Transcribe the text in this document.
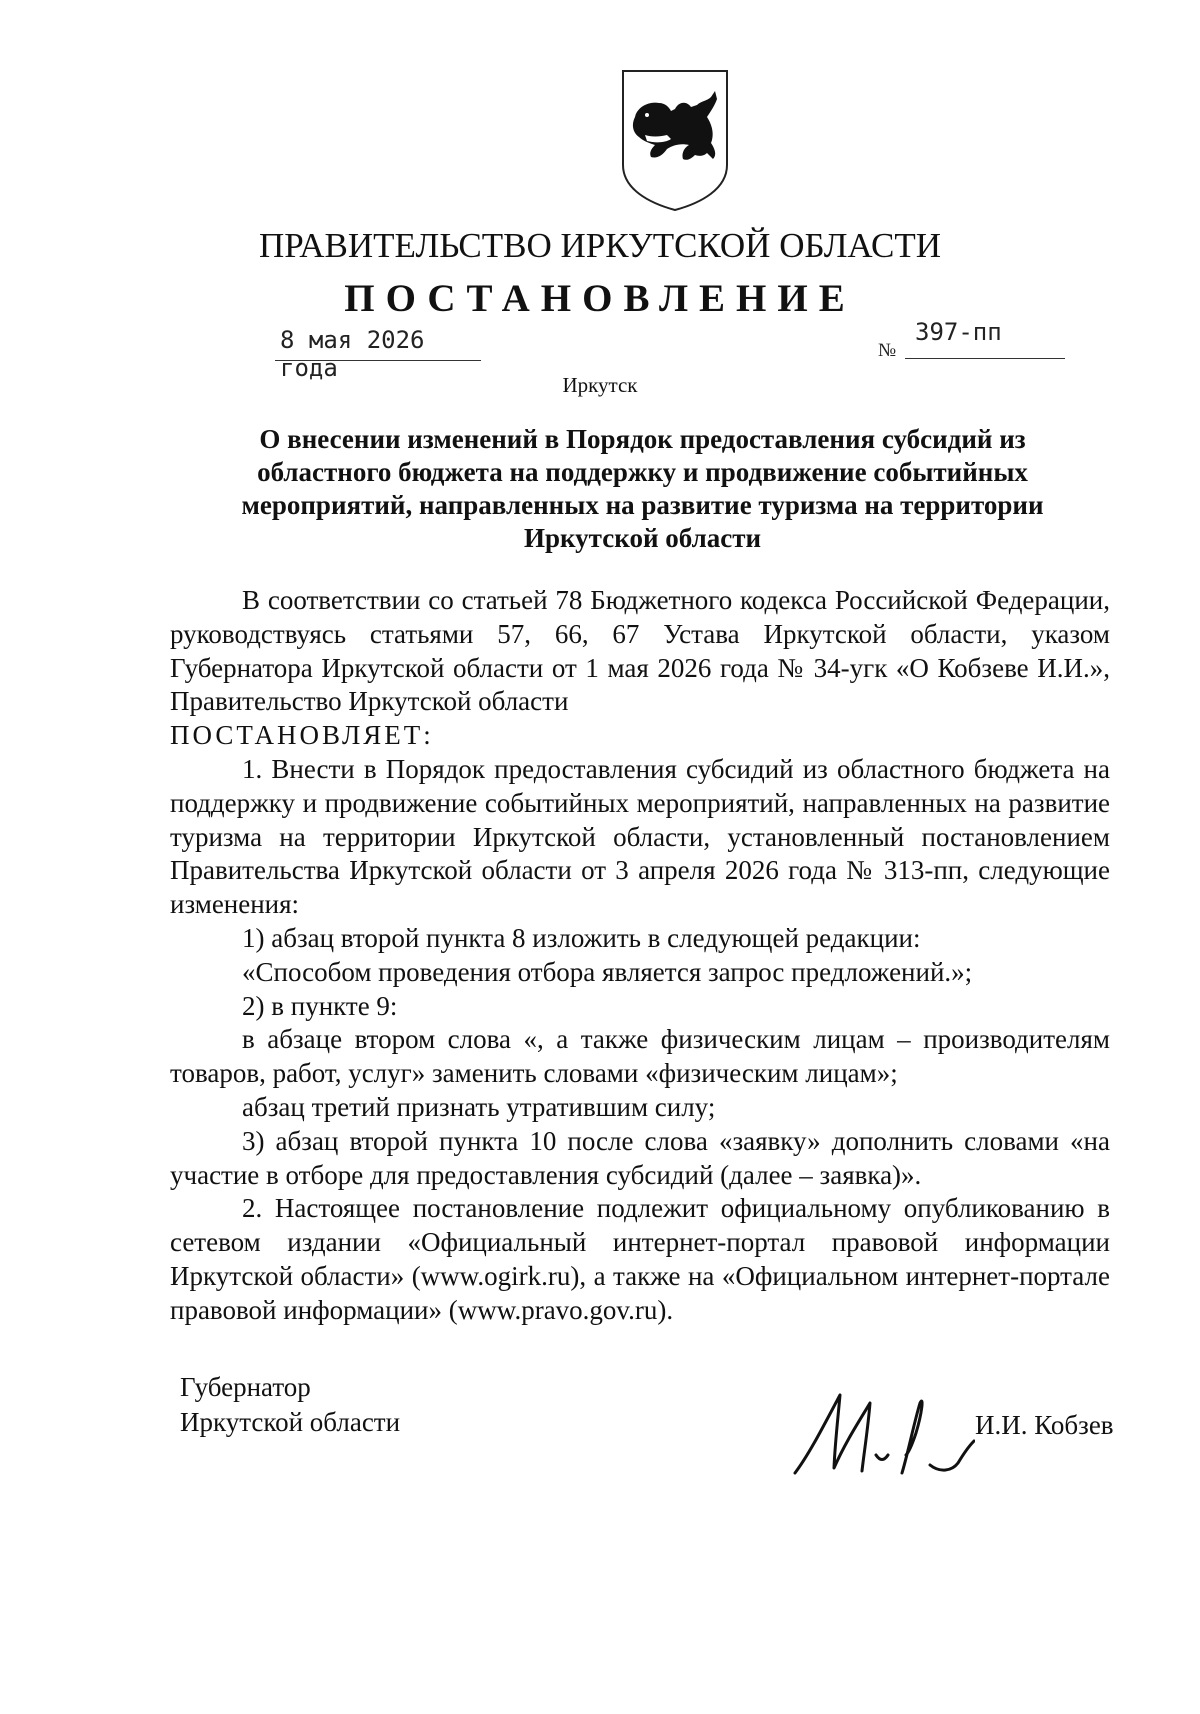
ПРАВИТЕЛЬСТВО ИРКУТСКОЙ ОБЛАСТИ
ПОСТАНОВЛЕНИЕ
8 мая 2026 года
№
397-пп
Иркутск
О внесении изменений в Порядок предоставления субсидий из областного бюджета на поддержку и продвижение событийных мероприятий, направленных на развитие туризма на территории Иркутской области

В соответствии со статьей 78 Бюджетного кодекса Российской Федерации, руководствуясь статьями 57, 66, 67 Устава Иркутской области, указом Губернатора Иркутской области от 1 мая 2026 года № 34-угк «О Кобзеве И.И.», Правительство Иркутской области

ПОСТАНОВЛЯЕТ:

1. Внести в Порядок предоставления субсидий из областного бюджета на поддержку и продвижение событийных мероприятий, направленных на развитие туризма на территории Иркутской области, установленный постановлением Правительства Иркутской области от 3 апреля 2026 года № 313-пп, следующие изменения:

1) абзац второй пункта 8 изложить в следующей редакции:

«Способом проведения отбора является запрос предложений.»;

2) в пункте 9:

в абзаце втором слова «, а также физическим лицам – производителям товаров, работ, услуг» заменить словами «физическим лицам»;

абзац третий признать утратившим силу;

3) абзац второй пункта 10 после слова «заявку» дополнить словами «на участие в отборе для предоставления субсидий (далее – заявка)».

2. Настоящее постановление подлежит официальному опубликованию в сетевом издании «Официальный интернет-портал правовой информации Иркутской области» (www.ogirk.ru), а также на «Официальном интернет-портале правовой информации» (www.pravo.gov.ru).

Губернатор
Иркутской области	И.И. Кобзев
